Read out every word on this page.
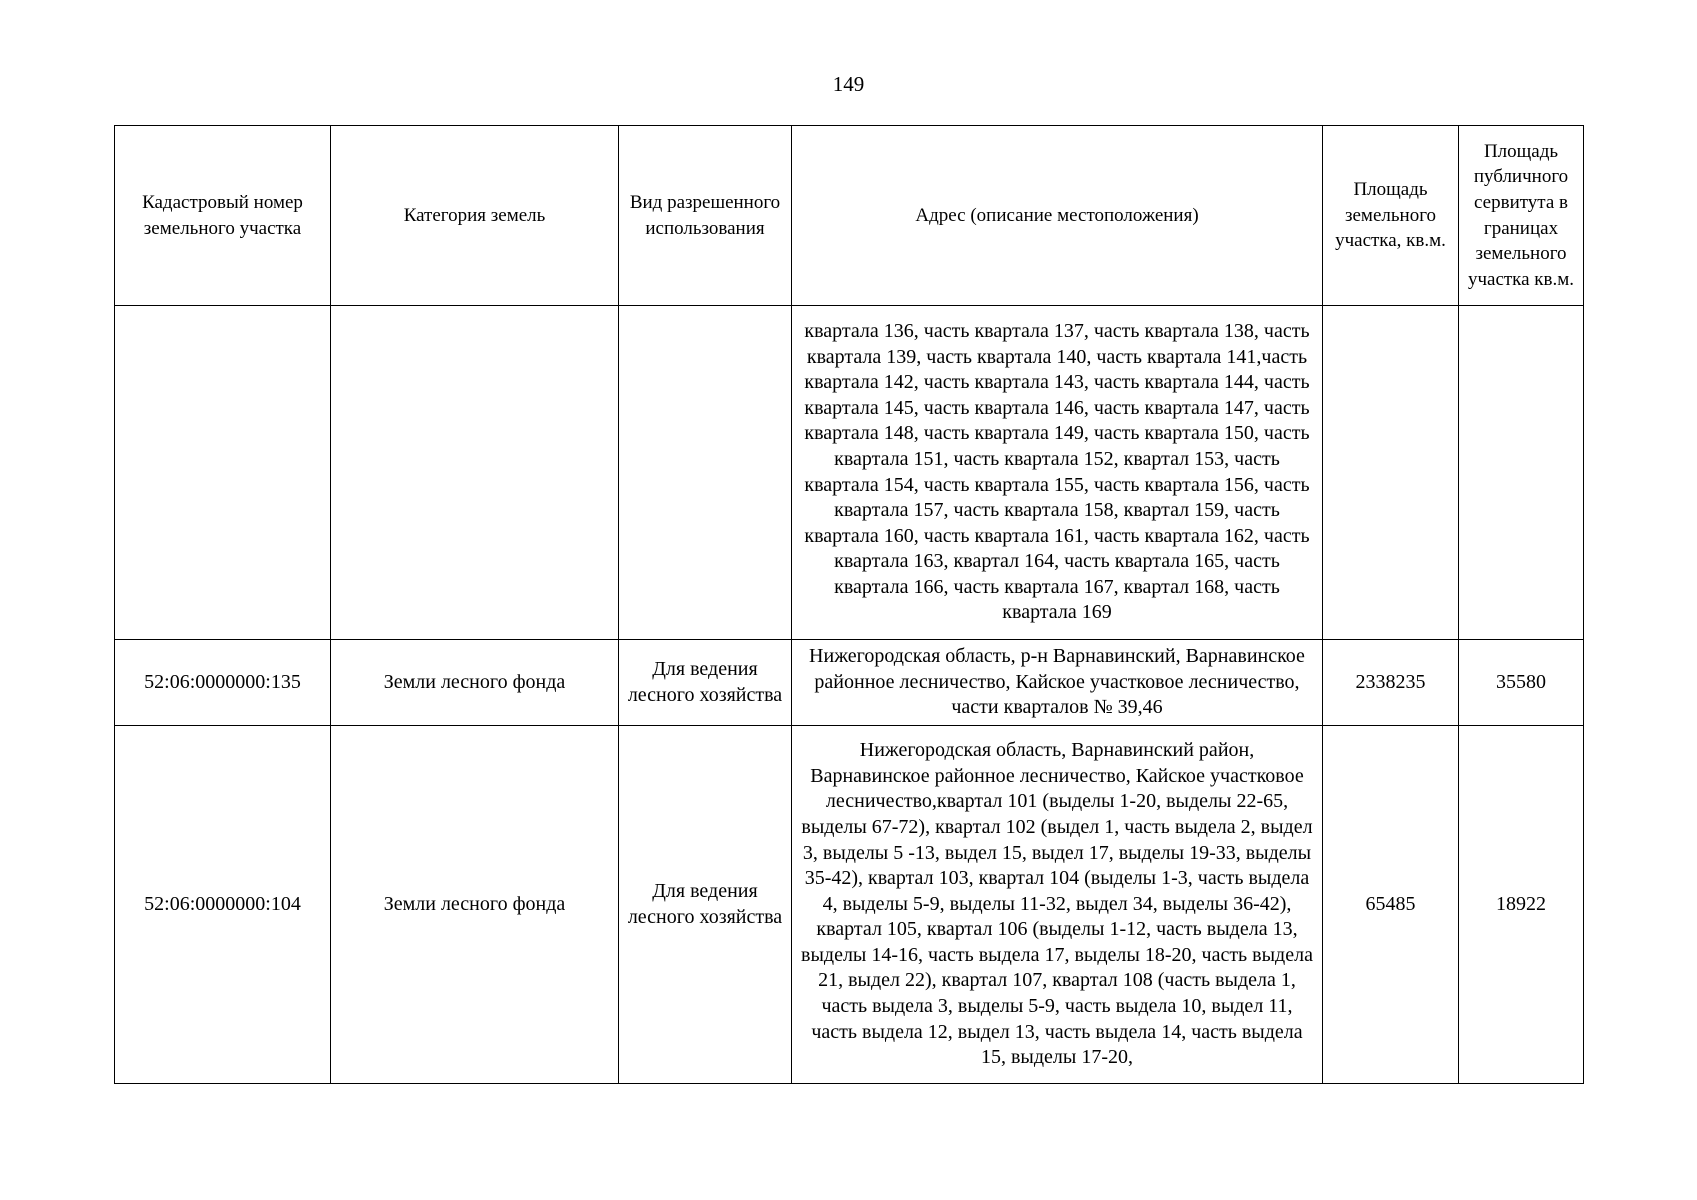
149
Кадастровый номер земельного участка	Категория земель	Вид разрешенного использования	Адрес (описание местоположения)	Площадь земельного участка, кв.м.	Площадь публичного сервитута в границах земельного участка кв.м.
			квартала 136, часть квартала 137, часть квартала 138, часть квартала 139, часть квартала 140, часть квартала 141,часть квартала 142, часть квартала 143, часть квартала 144, часть квартала 145, часть квартала 146, часть квартала 147, часть квартала 148, часть квартала 149, часть квартала 150, часть квартала 151, часть квартала 152, квартал 153, часть квартала 154, часть квартала 155, часть квартала 156, часть квартала 157, часть квартала 158, квартал 159, часть квартала 160, часть квартала 161, часть квартала 162, часть квартала 163, квартал 164, часть квартала 165, часть квартала 166, часть квартала 167, квартал 168, часть квартала 169		
52:06:0000000:135	Земли лесного фонда	Для ведения лесного хозяйства	Нижегородская область, р-н Варнавинский, Варнавинское районное лесничество, Кайское участковое лесничество, части кварталов № 39,46	2338235	35580
52:06:0000000:104	Земли лесного фонда	Для ведения лесного хозяйства	Нижегородская область, Варнавинский район, Варнавинское районное лесничество, Кайское участковое лесничество,квартал 101 (выделы 1-20, выделы 22-65, выделы 67-72), квартал 102 (выдел 1, часть выдела 2, выдел 3, выделы 5 -13, выдел 15, выдел 17, выделы 19-33, выделы 35-42), квартал 103, квартал 104 (выделы 1-3, часть выдела 4, выделы 5-9, выделы 11-32, выдел 34, выделы 36-42), квартал 105, квартал 106 (выделы 1-12, часть выдела 13, выделы 14-16, часть выдела 17, выделы 18-20, часть выдела 21, выдел 22), квартал 107, квартал 108 (часть выдела 1, часть выдела 3, выделы 5-9, часть выдела 10, выдел 11, часть выдела 12, выдел 13, часть выдела 14, часть выдела 15, выделы 17-20,	65485	18922
